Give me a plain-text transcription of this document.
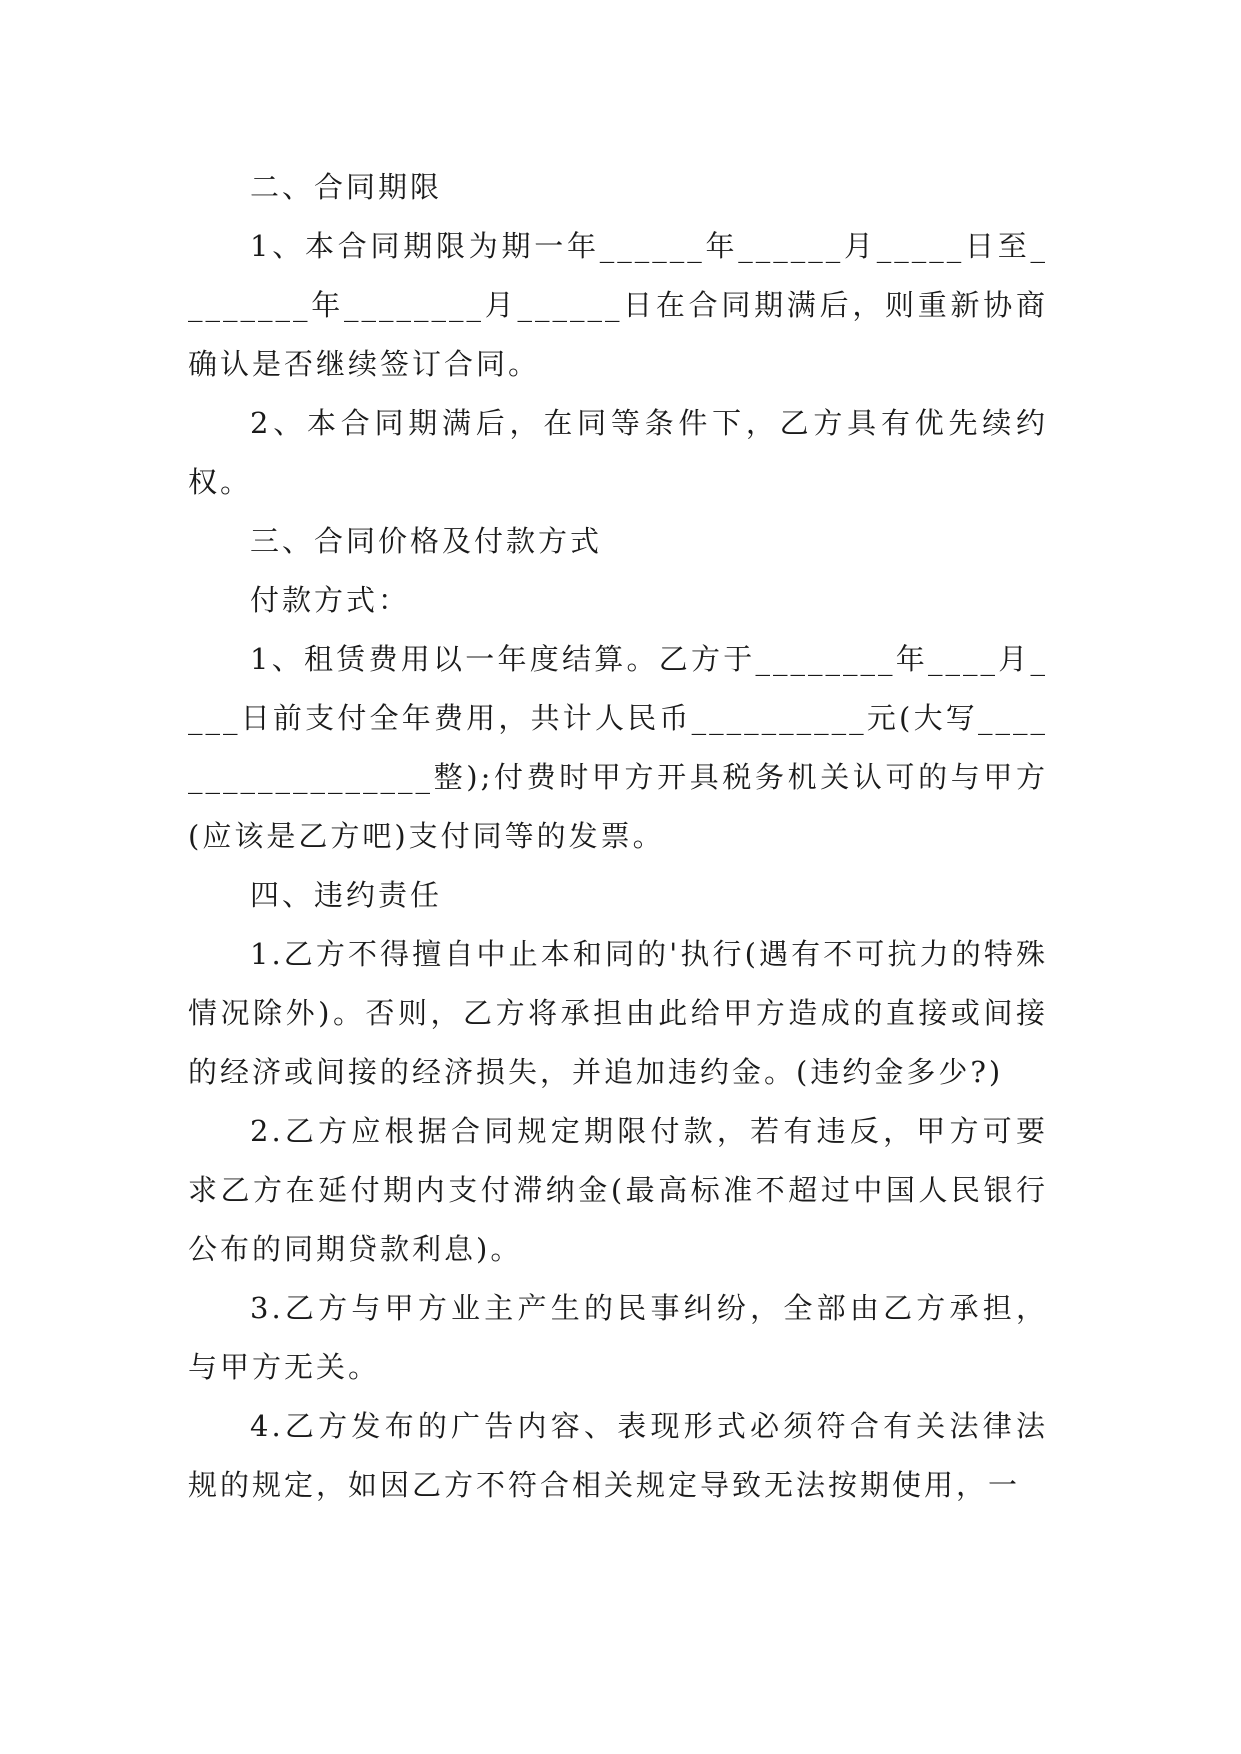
二、合同期限

1、本合同期限为期一年______年______月_____日至________年________月______日在合同期满后，则重新协商确认是否继续签订合同。

2、本合同期满后，在同等条件下，乙方具有优先续约权。

三、合同价格及付款方式

付款方式：

1、租赁费用以一年度结算。乙方于________年____月____日前支付全年费用，共计人民币__________元(大写__________________整);付费时甲方开具税务机关认可的与甲方(应该是乙方吧)支付同等的发票。

四、违约责任

1.乙方不得擅自中止本和同的'执行(遇有不可抗力的特殊情况除外)。否则，乙方将承担由此给甲方造成的直接或间接的经济或间接的经济损失，并追加违约金。(违约金多少?)

2.乙方应根据合同规定期限付款，若有违反，甲方可要求乙方在延付期内支付滞纳金(最高标准不超过中国人民银行公布的同期贷款利息)。

3.乙方与甲方业主产生的民事纠纷，全部由乙方承担，与甲方无关。

4.乙方发布的广告内容、表现形式必须符合有关法律法规的规定，如因乙方不符合相关规定导致无法按期使用，一
